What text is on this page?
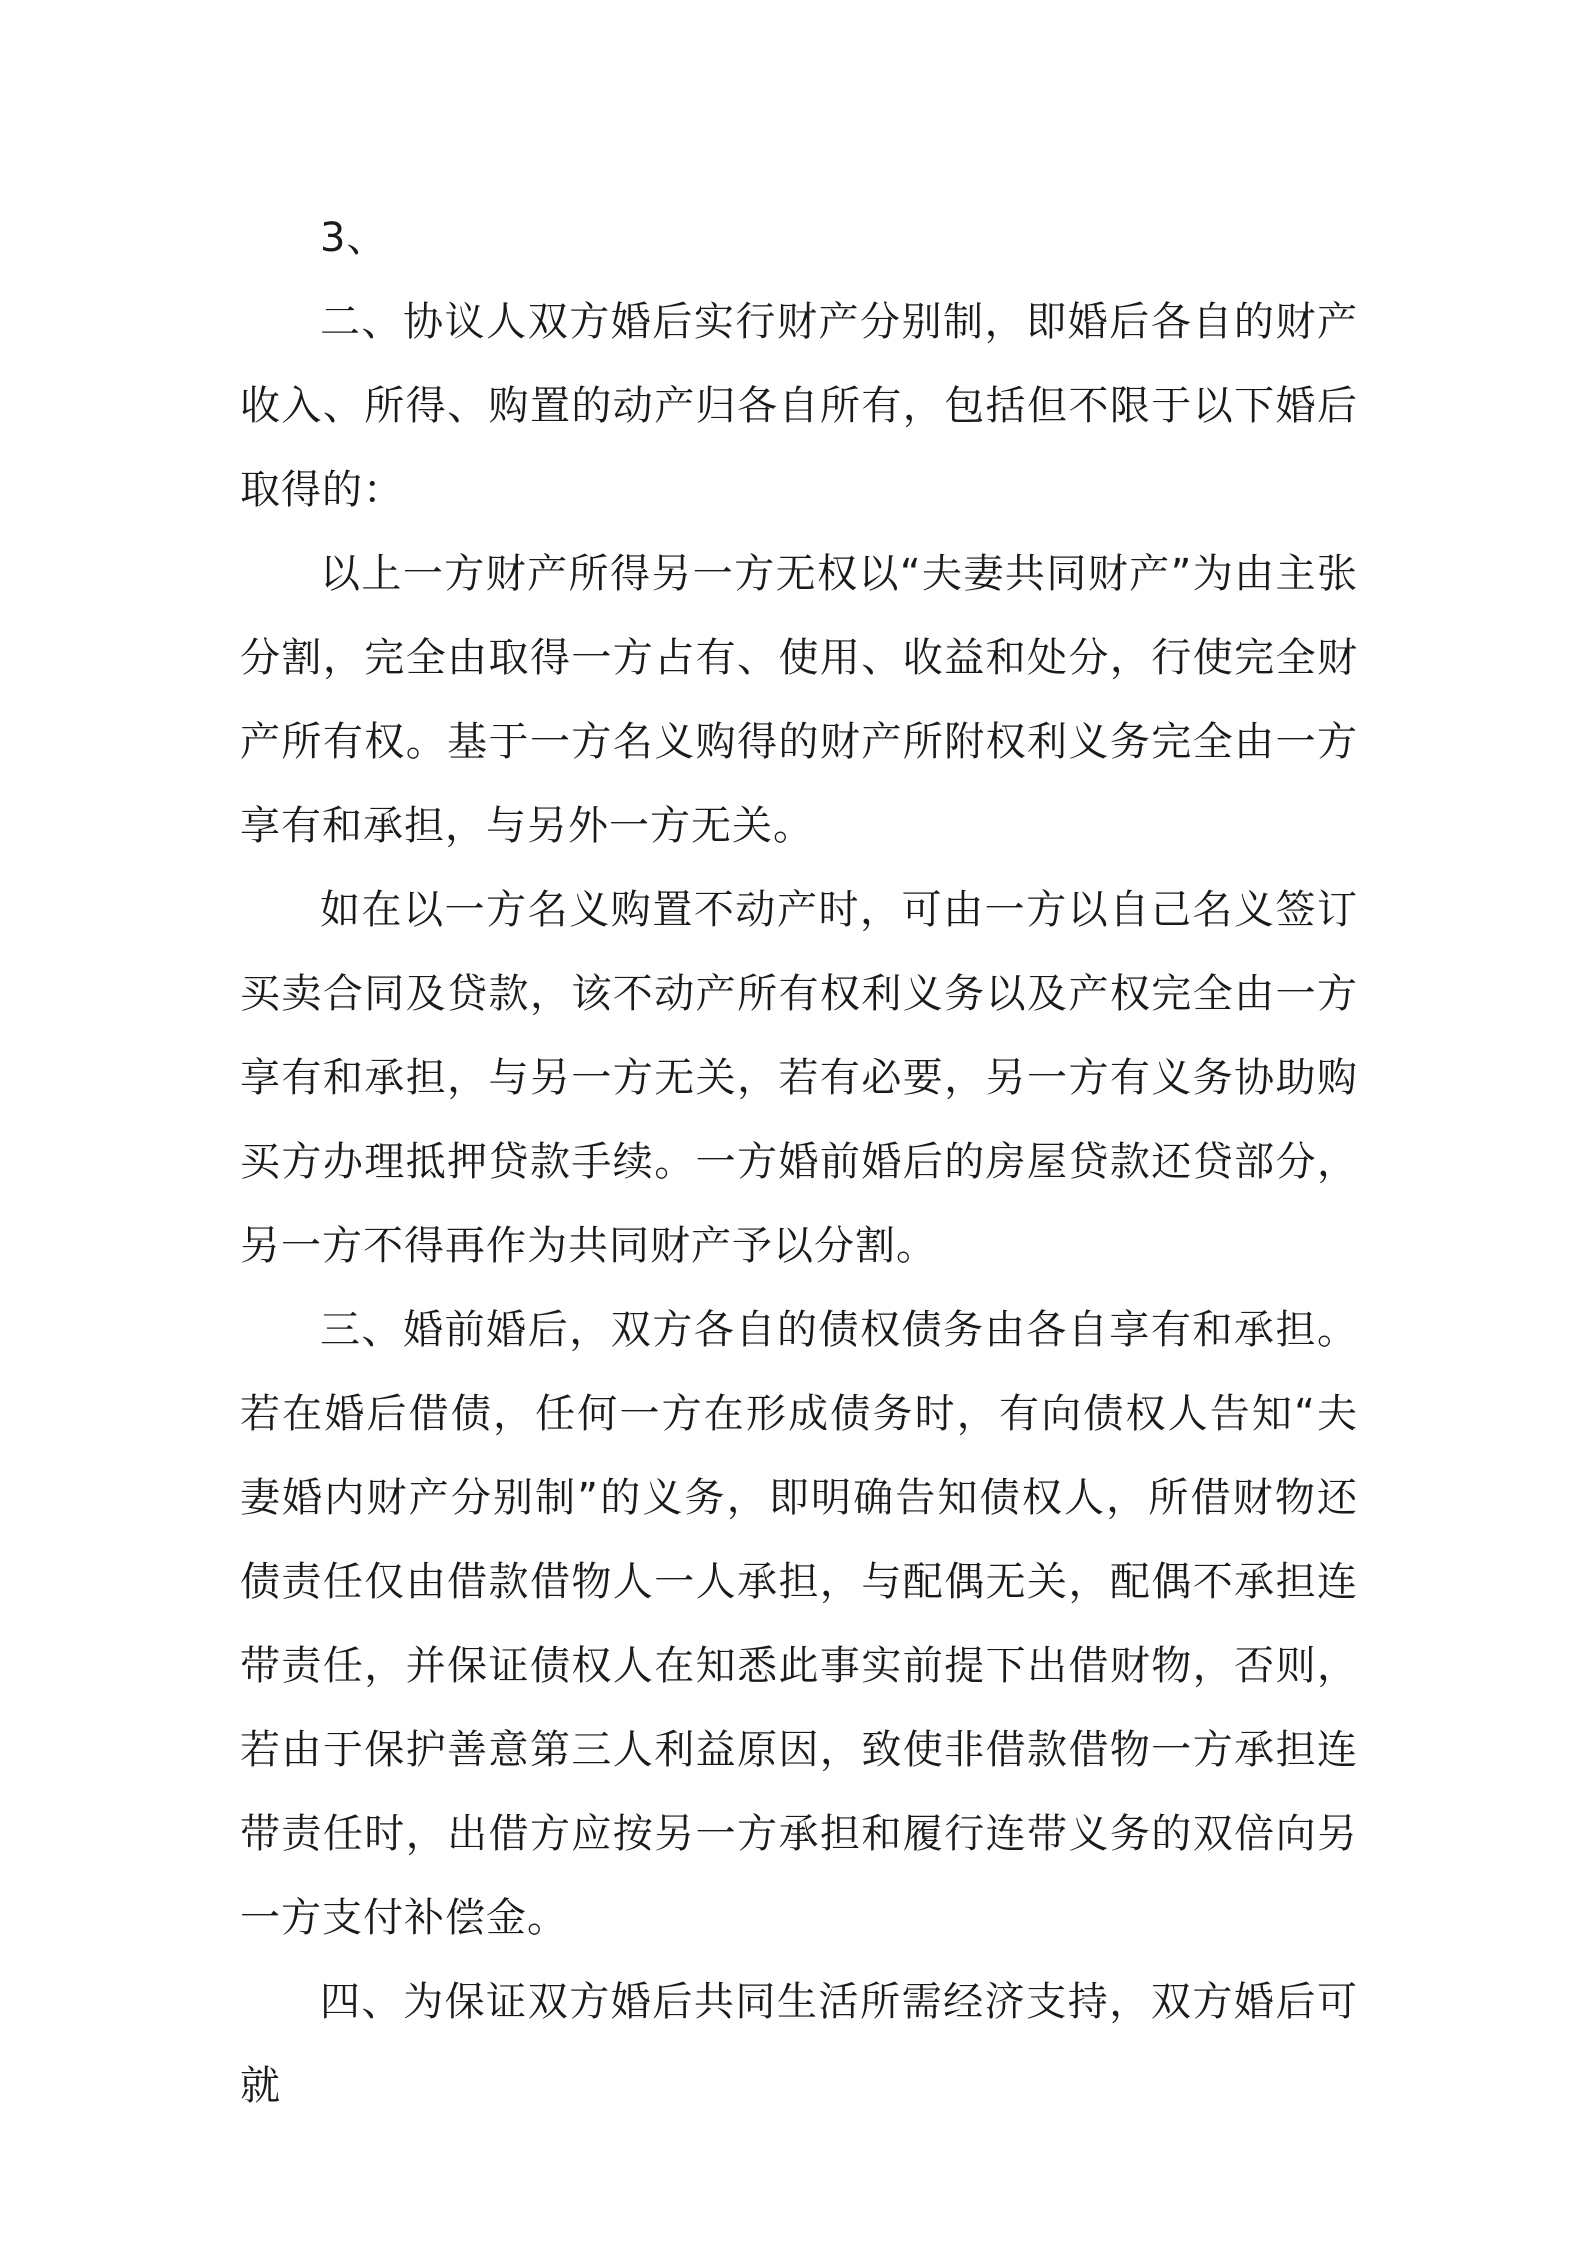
3、

二、协议人双方婚后实行财产分别制，即婚后各自的财产收入、所得、购置的动产归各自所有，包括但不限于以下婚后取得的：

以上一方财产所得另一方无权以“夫妻共同财产”为由主张分割，完全由取得一方占有、使用、收益和处分，行使完全财产所有权。基于一方名义购得的财产所附权利义务完全由一方享有和承担，与另外一方无关。

如在以一方名义购置不动产时，可由一方以自己名义签订买卖合同及贷款，该不动产所有权利义务以及产权完全由一方享有和承担，与另一方无关，若有必要，另一方有义务协助购买方办理抵押贷款手续。一方婚前婚后的房屋贷款还贷部分，另一方不得再作为共同财产予以分割。

三、婚前婚后，双方各自的债权债务由各自享有和承担。若在婚后借债，任何一方在形成债务时，有向债权人告知“夫妻婚内财产分别制”的义务，即明确告知债权人，所借财物还债责任仅由借款借物人一人承担，与配偶无关，配偶不承担连带责任，并保证债权人在知悉此事实前提下出借财物，否则，若由于保护善意第三人利益原因，致使非借款借物一方承担连带责任时，出借方应按另一方承担和履行连带义务的双倍向另一方支付补偿金。

四、为保证双方婚后共同生活所需经济支持，双方婚后可就
